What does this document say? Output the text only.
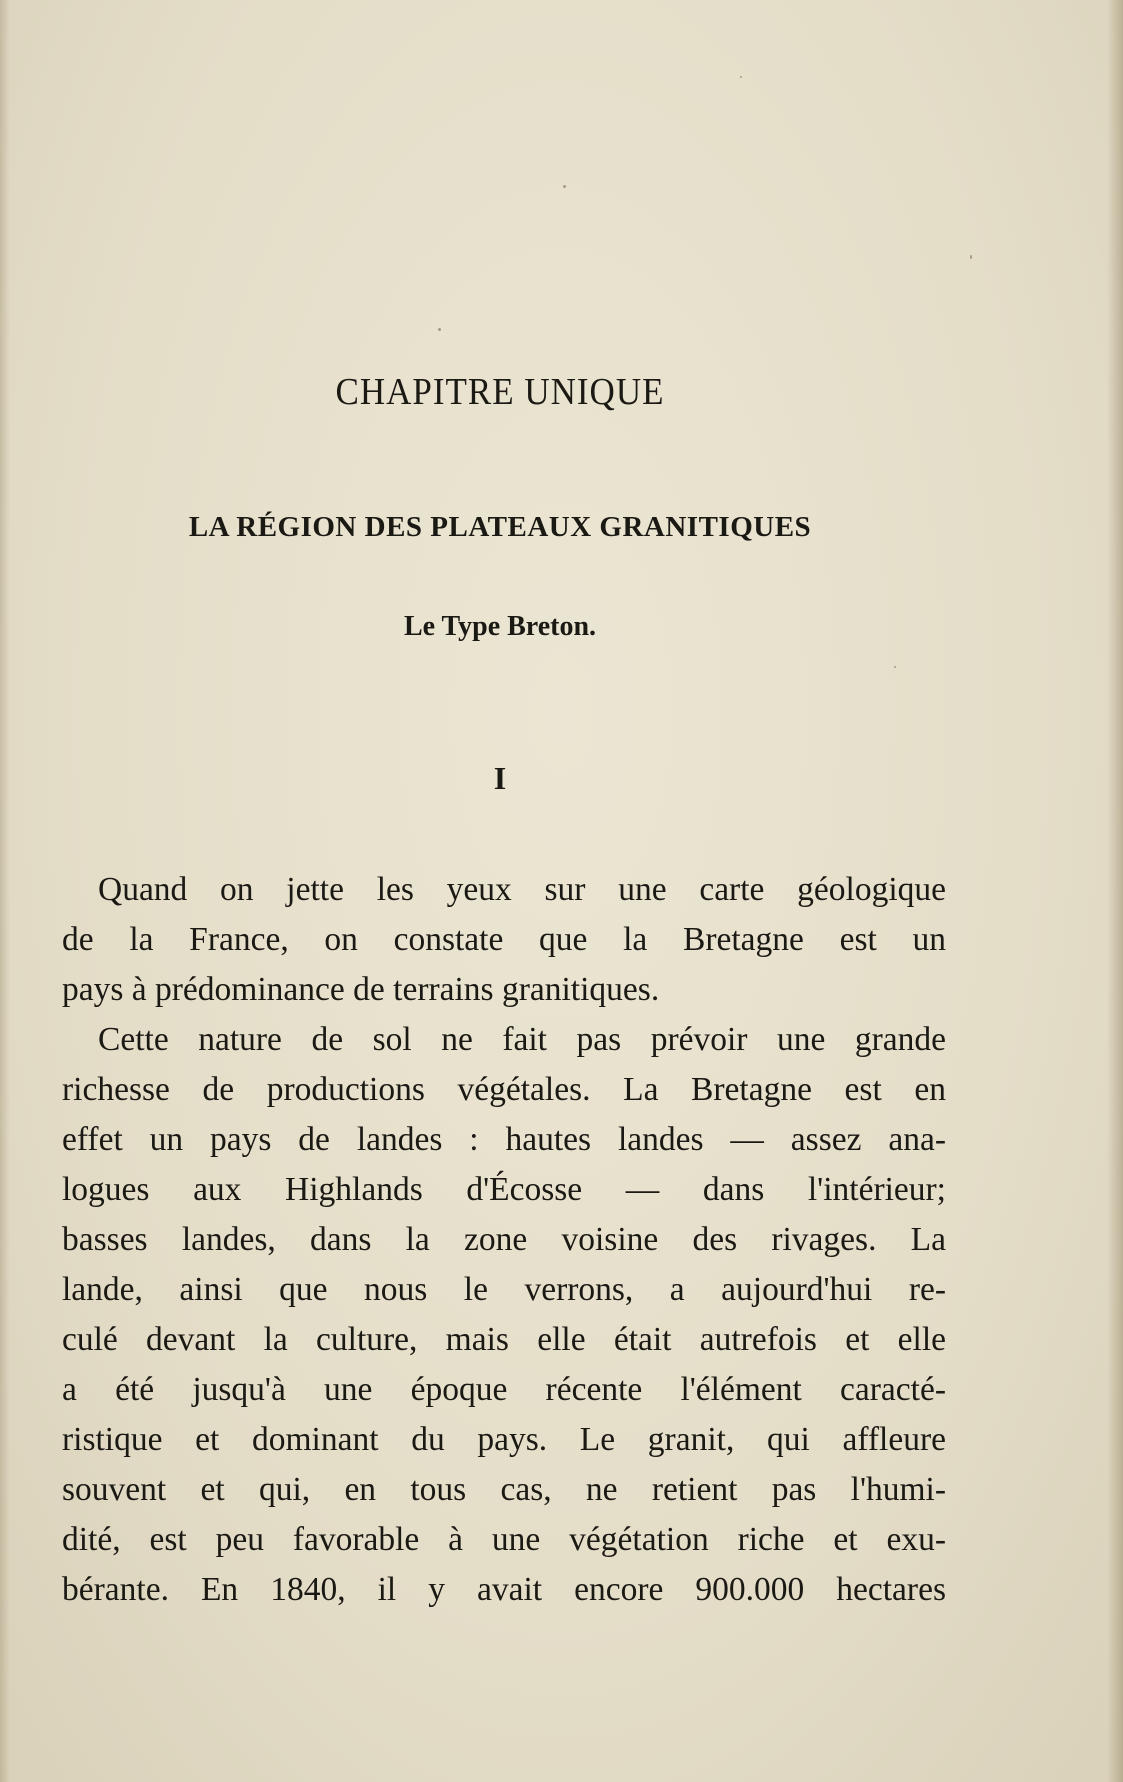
CHAPITRE UNIQUE
LA RÉGION DES PLATEAUX GRANITIQUES
Le Type Breton.
I
Quand on jette les yeux sur une carte géologique
de la France, on constate que la Bretagne est un
pays à prédominance de terrains granitiques.
Cette nature de sol ne fait pas prévoir une grande
richesse de productions végétales. La Bretagne est en
effet un pays de landes : hautes landes — assez ana-
logues aux Highlands d'Écosse — dans l'intérieur;
basses landes, dans la zone voisine des rivages. La
lande, ainsi que nous le verrons, a aujourd'hui re-
culé devant la culture, mais elle était autrefois et elle
a été jusqu'à une époque récente l'élément caracté-
ristique et dominant du pays. Le granit, qui affleure
souvent et qui, en tous cas, ne retient pas l'humi-
dité, est peu favorable à une végétation riche et exu-
bérante. En 1840, il y avait encore 900.000 hectares
